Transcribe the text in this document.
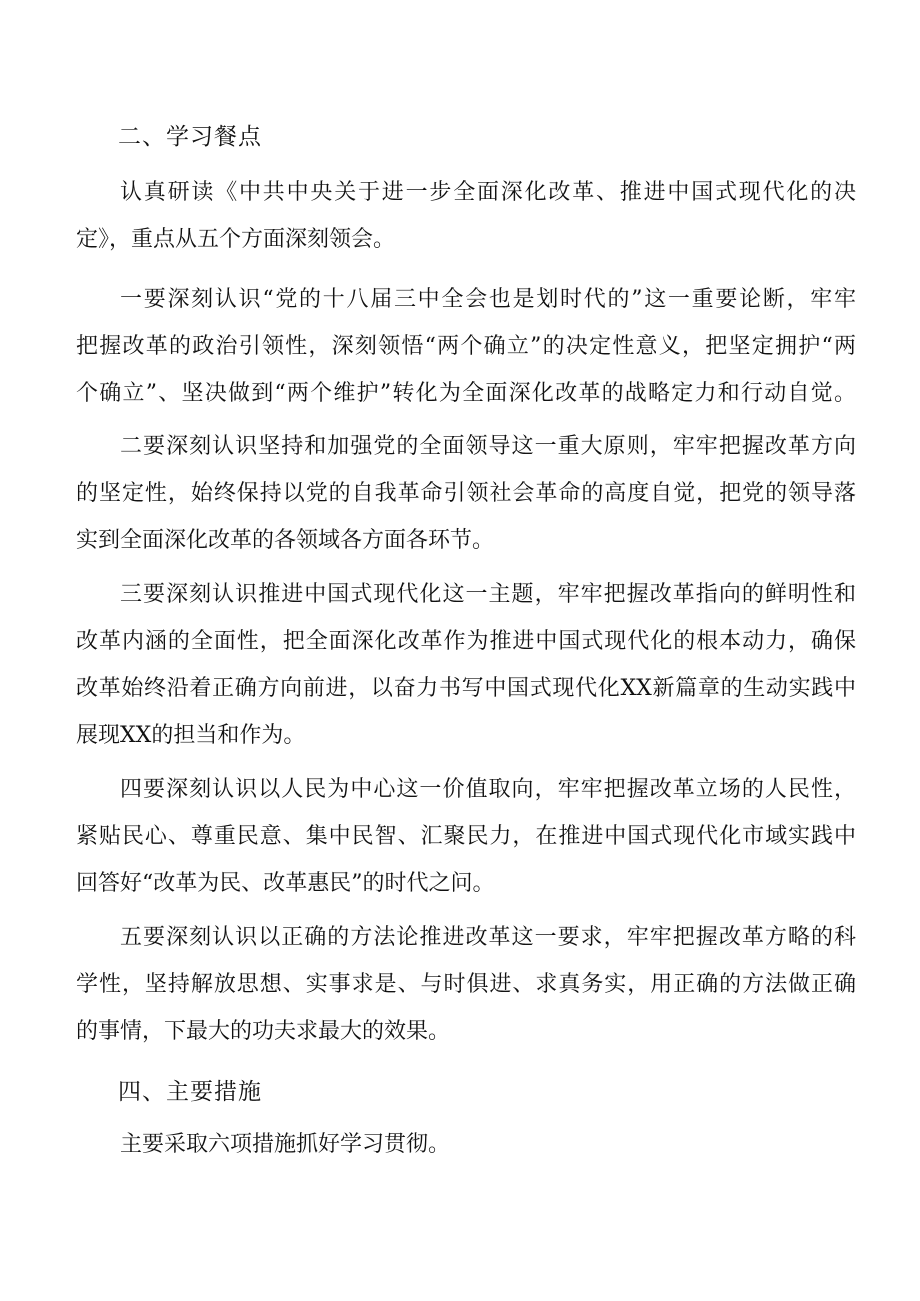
二、学习餐点
认真研读《中共中央关于进一步全面深化改革、推进中国式现代化的决
定》，重点从五个方面深刻领会。
一要深刻认识“党的十八届三中全会也是划时代的”这一重要论断，牢牢
把握改革的政治引领性，深刻领悟“两个确立”的决定性意义，把坚定拥护“两
个确立”、坚决做到“两个维护”转化为全面深化改革的战略定力和行动自觉。
二要深刻认识坚持和加强党的全面领导这一重大原则，牢牢把握改革方向
的坚定性，始终保持以党的自我革命引领社会革命的高度自觉，把党的领导落
实到全面深化改革的各领域各方面各环节。
三要深刻认识推进中国式现代化这一主题，牢牢把握改革指向的鲜明性和
改革内涵的全面性，把全面深化改革作为推进中国式现代化的根本动力，确保
改革始终沿着正确方向前进，以奋力书写中国式现代化XX新篇章的生动实践中
展现XX的担当和作为。
四要深刻认识以人民为中心这一价值取向，牢牢把握改革立场的人民性，
紧贴民心、尊重民意、集中民智、汇聚民力，在推进中国式现代化市域实践中
回答好“改革为民、改革惠民”的时代之问。
五要深刻认识以正确的方法论推进改革这一要求，牢牢把握改革方略的科
学性，坚持解放思想、实事求是、与时俱进、求真务实，用正确的方法做正确
的事情，下最大的功夫求最大的效果。
四、主要措施
主要采取六项措施抓好学习贯彻。
